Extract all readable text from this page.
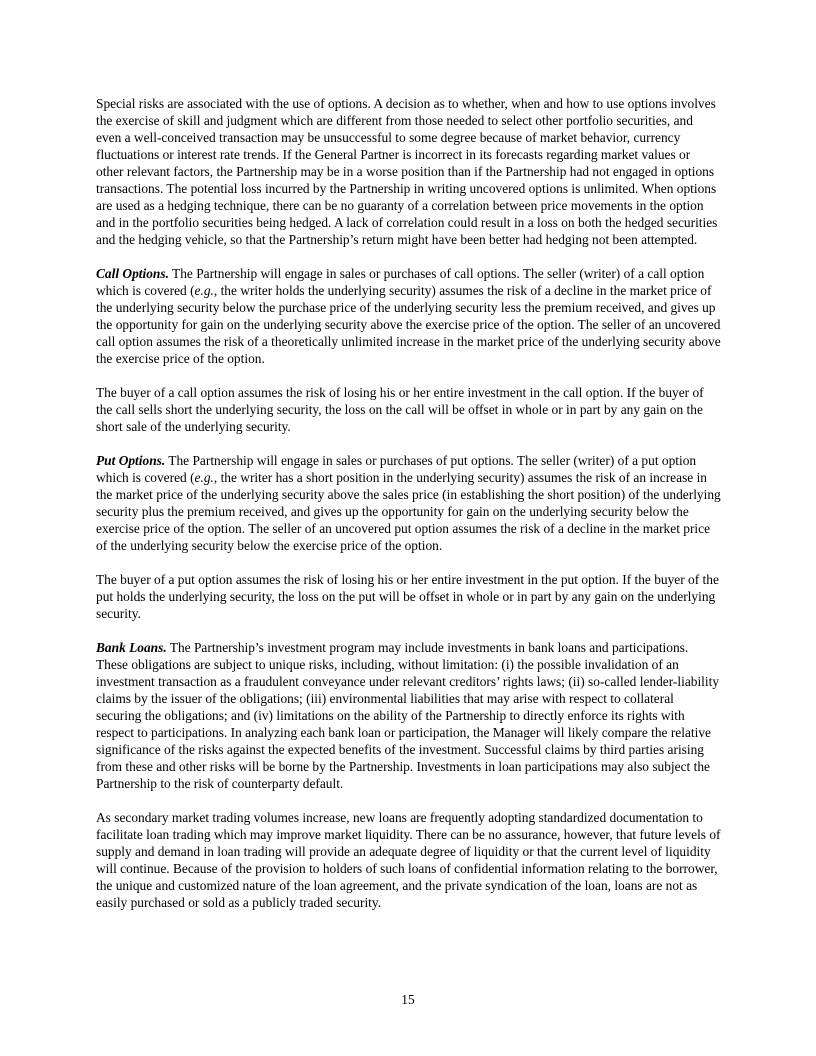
Special risks are associated with the use of options. A decision as to whether, when and how to use options involves the exercise of skill and judgment which are different from those needed to select other portfolio securities, and even a well-conceived transaction may be unsuccessful to some degree because of market behavior, currency fluctuations or interest rate trends. If the General Partner is incorrect in its forecasts regarding market values or other relevant factors, the Partnership may be in a worse position than if the Partnership had not engaged in options transactions. The potential loss incurred by the Partnership in writing uncovered options is unlimited. When options are used as a hedging technique, there can be no guaranty of a correlation between price movements in the option and in the portfolio securities being hedged. A lack of correlation could result in a loss on both the hedged securities and the hedging vehicle, so that the Partnership’s return might have been better had hedging not been attempted.

Call Options. The Partnership will engage in sales or purchases of call options. The seller (writer) of a call option which is covered (e.g., the writer holds the underlying security) assumes the risk of a decline in the market price of the underlying security below the purchase price of the underlying security less the premium received, and gives up the opportunity for gain on the underlying security above the exercise price of the option. The seller of an uncovered call option assumes the risk of a theoretically unlimited increase in the market price of the underlying security above the exercise price of the option.

The buyer of a call option assumes the risk of losing his or her entire investment in the call option. If the buyer of the call sells short the underlying security, the loss on the call will be offset in whole or in part by any gain on the short sale of the underlying security.

Put Options. The Partnership will engage in sales or purchases of put options. The seller (writer) of a put option which is covered (e.g., the writer has a short position in the underlying security) assumes the risk of an increase in the market price of the underlying security above the sales price (in establishing the short position) of the underlying security plus the premium received, and gives up the opportunity for gain on the underlying security below the exercise price of the option. The seller of an uncovered put option assumes the risk of a decline in the market price of the underlying security below the exercise price of the option.

The buyer of a put option assumes the risk of losing his or her entire investment in the put option. If the buyer of the put holds the underlying security, the loss on the put will be offset in whole or in part by any gain on the underlying security.

Bank Loans. The Partnership’s investment program may include investments in bank loans and participations. These obligations are subject to unique risks, including, without limitation: (i) the possible invalidation of an investment transaction as a fraudulent conveyance under relevant creditors’ rights laws; (ii) so-called lender-liability claims by the issuer of the obligations; (iii) environmental liabilities that may arise with respect to collateral securing the obligations; and (iv) limitations on the ability of the Partnership to directly enforce its rights with respect to participations. In analyzing each bank loan or participation, the Manager will likely compare the relative significance of the risks against the expected benefits of the investment. Successful claims by third parties arising from these and other risks will be borne by the Partnership. Investments in loan participations may also subject the Partnership to the risk of counterparty default.

As secondary market trading volumes increase, new loans are frequently adopting standardized documentation to facilitate loan trading which may improve market liquidity. There can be no assurance, however, that future levels of supply and demand in loan trading will provide an adequate degree of liquidity or that the current level of liquidity will continue. Because of the provision to holders of such loans of confidential information relating to the borrower, the unique and customized nature of the loan agreement, and the private syndication of the loan, loans are not as easily purchased or sold as a publicly traded security.

15
